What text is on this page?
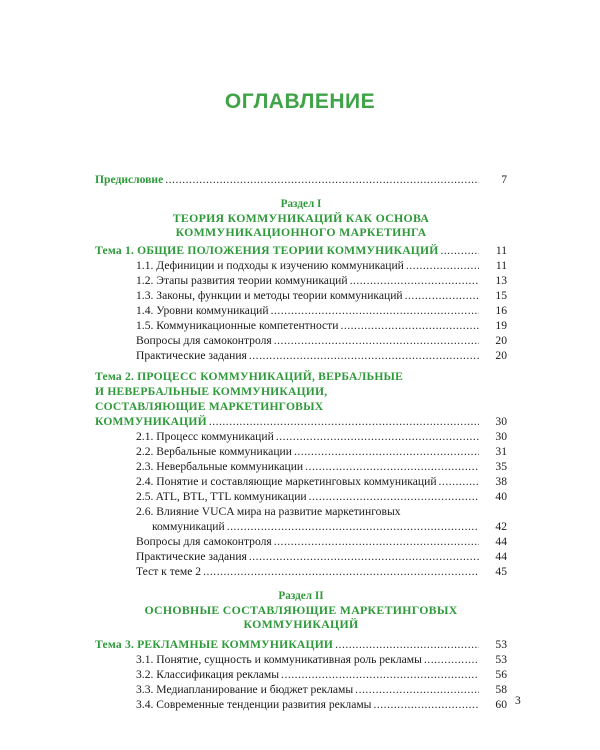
ОГЛАВЛЕНИЕ
Предисловие .....	7
Раздел I
ТЕОРИЯ КОММУНИКАЦИЙ КАК ОСНОВА
КОММУНИКАЦИОННОГО МАРКЕТИНГА
Тема 1. ОБЩИЕ ПОЛОЖЕНИЯ ТЕОРИИ КОММУНИКАЦИЙ .....	11
1.1. Дефиниции и подходы к изучению коммуникаций .....	11
1.2. Этапы развития теории коммуникаций .....	13
1.3. Законы, функции и методы теории коммуникаций .....	15
1.4. Уровни коммуникаций .....	16
1.5. Коммуникационные компетентности .....	19
Вопросы для самоконтроля .....	20
Практические задания .....	20
Тема 2. ПРОЦЕСС КОММУНИКАЦИЙ, ВЕРБАЛЬНЫЕ
И НЕВЕРБАЛЬНЫЕ КОММУНИКАЦИИ,
СОСТАВЛЯЮЩИЕ МАРКЕТИНГОВЫХ
КОММУНИКАЦИЙ .....	30
2.1. Процесс коммуникаций .....	30
2.2. Вербальные коммуникации .....	31
2.3. Невербальные коммуникации .....	35
2.4. Понятие и составляющие маркетинговых коммуникаций .....	38
2.5. ATL, BTL, TTL коммуникации .....	40
2.6. Влияние VUCA мира на развитие маркетинговых
коммуникаций .....	42
Вопросы для самоконтроля .....	44
Практические задания .....	44
Тест к теме 2 .....	45
Раздел II
ОСНОВНЫЕ СОСТАВЛЯЮЩИЕ МАРКЕТИНГОВЫХ
КОММУНИКАЦИЙ
Тема 3. РЕКЛАМНЫЕ КОММУНИКАЦИИ .....	53
3.1. Понятие, сущность и коммуникативная роль рекламы .....	53
3.2. Классификация рекламы .....	56
3.3. Медиапланирование и бюджет рекламы .....	58
3.4. Современные тенденции развития рекламы .....	60 3
